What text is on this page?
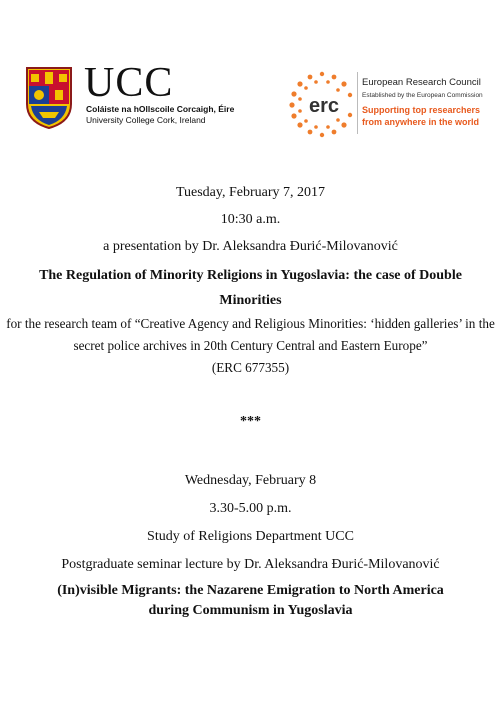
UCC
Coláiste na hOllscoile Corcaigh, Éire
University College Cork, Ireland
erc
European Research Council
Established by the European Commission
Supporting top researchers
from anywhere in the world

Tuesday, February 7, 2017

10:30 a.m.

a presentation by Dr. Aleksandra Đurić-Milovanović

The Regulation of Minority Religions in Yugoslavia: the case of Double Minorities

for the research team of “Creative Agency and Religious Minorities: ‘hidden galleries’ in the secret police archives in 20th Century Central and Eastern Europe”
(ERC 677355)

***

Wednesday, February 8

3.30-5.00 p.m.

Study of Religions Department UCC

Postgraduate seminar lecture by Dr. Aleksandra Đurić-Milovanović

(In)visible Migrants: the Nazarene Emigration to North America during Communism in Yugoslavia
